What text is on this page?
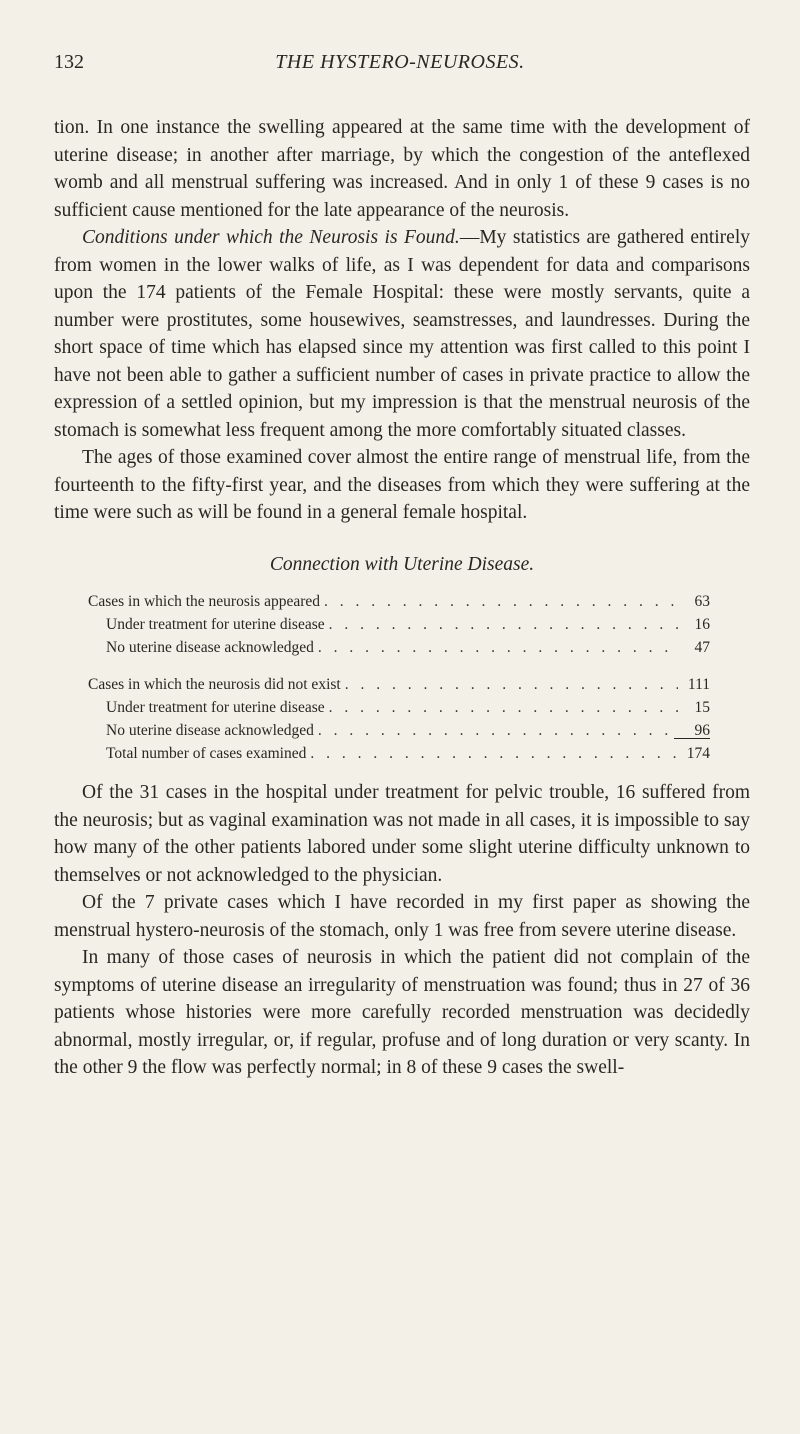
132	THE HYSTERO-NEUROSES.

tion. In one instance the swelling appeared at the same time with the development of uterine disease; in another after marriage, by which the congestion of the anteflexed womb and all menstrual suffering was increased. And in only 1 of these 9 cases is no sufficient cause mentioned for the late appearance of the neurosis.

Conditions under which the Neurosis is Found.—My statistics are gathered entirely from women in the lower walks of life, as I was dependent for data and comparisons upon the 174 patients of the Female Hospital: these were mostly servants, quite a number were prostitutes, some housewives, seamstresses, and laundresses. During the short space of time which has elapsed since my attention was first called to this point I have not been able to gather a sufficient number of cases in private practice to allow the expression of a settled opinion, but my impression is that the menstrual neurosis of the stomach is somewhat less frequent among the more comfortably situated classes.

The ages of those examined cover almost the entire range of menstrual life, from the fourteenth to the fifty-first year, and the diseases from which they were suffering at the time were such as will be found in a general female hospital.

Connection with Uterine Disease.
Cases in which the neurosis appeared . . .	63
Under treatment for uterine disease . . .	16
No uterine disease acknowledged . . .	47
Cases in which the neurosis did not exist . . .	111
Under treatment for uterine disease . . .	15
No uterine disease acknowledged . . .	96
Total number of cases examined . . .	174

Of the 31 cases in the hospital under treatment for pelvic trouble, 16 suffered from the neurosis; but as vaginal examination was not made in all cases, it is impossible to say how many of the other patients labored under some slight uterine difficulty unknown to themselves or not acknowledged to the physician.

Of the 7 private cases which I have recorded in my first paper as showing the menstrual hystero-neurosis of the stomach, only 1 was free from severe uterine disease.

In many of those cases of neurosis in which the patient did not complain of the symptoms of uterine disease an irregularity of menstruation was found; thus in 27 of 36 patients whose histories were more carefully recorded menstruation was decidedly abnormal, mostly irregular, or, if regular, profuse and of long duration or very scanty. In the other 9 the flow was perfectly normal; in 8 of these 9 cases the swell-
